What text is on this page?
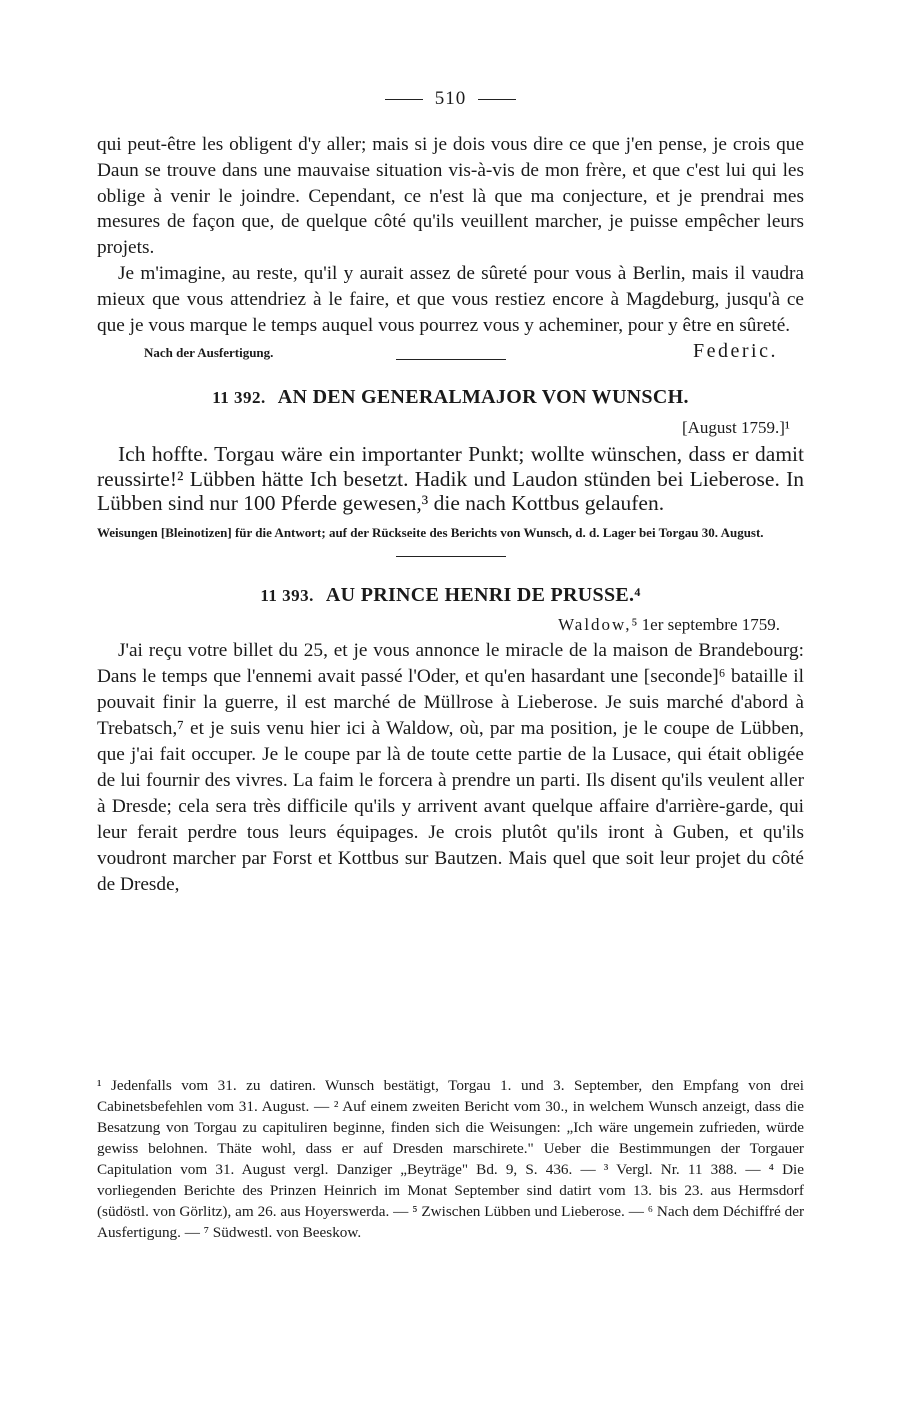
510

qui peut-être les obligent d'y aller; mais si je dois vous dire ce que j'en pense, je crois que Daun se trouve dans une mauvaise situation vis-à-vis de mon frère, et que c'est lui qui les oblige à venir le joindre. Cependant, ce n'est là que ma conjecture, et je prendrai mes mesures de façon que, de quelque côté qu'ils veuillent marcher, je puisse empêcher leurs projets.

Je m'imagine, au reste, qu'il y aurait assez de sûreté pour vous à Berlin, mais il vaudra mieux que vous attendriez à le faire, et que vous restiez encore à Magdeburg, jusqu'à ce que je vous marque le temps auquel vous pourrez vous y acheminer, pour y être en sûreté.

Nach der Ausfertigung.	Federic.
11 392. AN DEN GENERALMAJOR VON WUNSCH.
[August 1759.]¹

Ich hoffte. Torgau wäre ein importanter Punkt; wollte wünschen, dass er damit reussirte!² Lübben hätte Ich besetzt. Hadik und Laudon stünden bei Lieberose. In Lübben sind nur 100 Pferde gewesen,³ die nach Kottbus gelaufen.

Weisungen [Bleinotizen] für die Antwort; auf der Rückseite des Berichts von Wunsch, d. d. Lager bei Torgau 30. August.

11 393. AU PRINCE HENRI DE PRUSSE.⁴
Waldow,⁵ 1er septembre 1759.

J'ai reçu votre billet du 25, et je vous annonce le miracle de la maison de Brandebourg: Dans le temps que l'ennemi avait passé l'Oder, et qu'en hasardant une [seconde]⁶ bataille il pouvait finir la guerre, il est marché de Müllrose à Lieberose. Je suis marché d'abord à Trebatsch,⁷ et je suis venu hier ici à Waldow, où, par ma position, je le coupe de Lübben, que j'ai fait occuper. Je le coupe par là de toute cette partie de la Lusace, qui était obligée de lui fournir des vivres. La faim le forcera à prendre un parti. Ils disent qu'ils veulent aller à Dresde; cela sera très difficile qu'ils y arrivent avant quelque affaire d'arrière-garde, qui leur ferait perdre tous leurs équipages. Je crois plutôt qu'ils iront à Guben, et qu'ils voudront marcher par Forst et Kottbus sur Bautzen. Mais quel que soit leur projet du côté de Dresde,

¹ Jedenfalls vom 31. zu datiren. Wunsch bestätigt, Torgau 1. und 3. September, den Empfang von drei Cabinetsbefehlen vom 31. August. — ² Auf einem zweiten Bericht vom 30., in welchem Wunsch anzeigt, dass die Besatzung von Torgau zu capituliren beginne, finden sich die Weisungen: „Ich wäre ungemein zufrieden, würde gewiss belohnen. Thäte wohl, dass er auf Dresden marschirete." Ueber die Bestimmungen der Torgauer Capitulation vom 31. August vergl. Danziger „Beyträge" Bd. 9, S. 436. — ³ Vergl. Nr. 11 388. — ⁴ Die vorliegenden Berichte des Prinzen Heinrich im Monat September sind datirt vom 13. bis 23. aus Hermsdorf (südöstl. von Görlitz), am 26. aus Hoyerswerda. — ⁵ Zwischen Lübben und Lieberose. — ⁶ Nach dem Déchiffré der Ausfertigung. — ⁷ Südwestl. von Beeskow.
